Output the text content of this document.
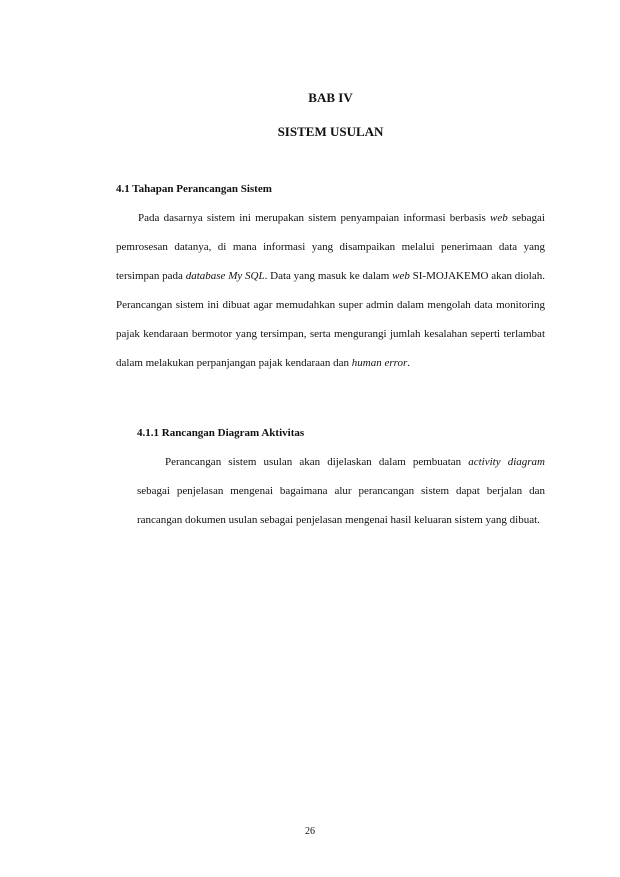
BAB IV
SISTEM USULAN
4.1 Tahapan Perancangan Sistem

Pada dasarnya sistem ini merupakan sistem penyampaian informasi berbasis web sebagai pemrosesan datanya, di mana informasi yang disampaikan melalui penerimaan data yang tersimpan pada database My SQL. Data yang masuk ke dalam web SI-MOJAKEMO akan diolah. Perancangan sistem ini dibuat agar memudahkan super admin dalam mengolah data monitoring pajak kendaraan bermotor yang tersimpan, serta mengurangi jumlah kesalahan seperti terlambat dalam melakukan perpanjangan pajak kendaraan dan human error.

4.1.1 Rancangan Diagram Aktivitas

Perancangan sistem usulan akan dijelaskan dalam pembuatan activity diagram sebagai penjelasan mengenai bagaimana alur perancangan sistem dapat berjalan dan rancangan dokumen usulan sebagai penjelasan mengenai hasil keluaran sistem yang dibuat.

26
